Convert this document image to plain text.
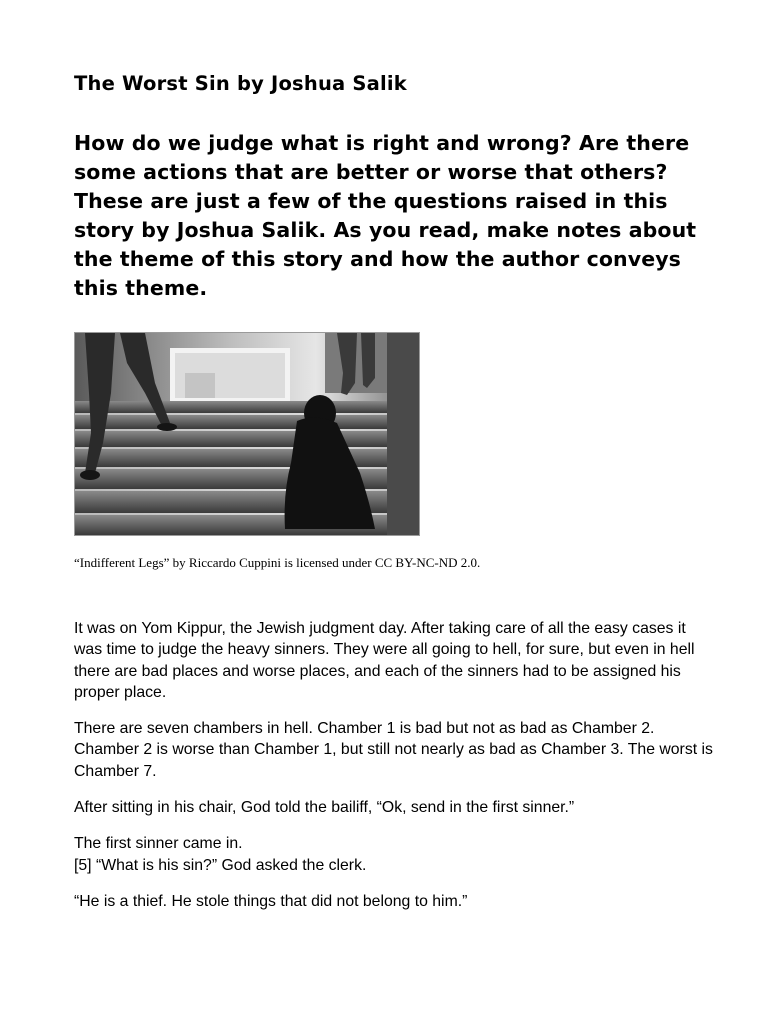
The Worst Sin by Joshua Salik
How do we judge what is right and wrong? Are there some actions that are better or worse that others? These are just a few of the questions raised in this story by Joshua Salik. As you read, make notes about the theme of this story and how the author conveys this theme.
“Indifferent Legs” by Riccardo Cuppini is licensed under CC BY-NC-ND 2.0.

It was on Yom Kippur, the Jewish judgment day. After taking care of all the easy cases it was time to judge the heavy sinners. They were all going to hell, for sure, but even in hell there are bad places and worse places, and each of the sinners had to be assigned his proper place.

There are seven chambers in hell. Chamber 1 is bad but not as bad as Chamber 2. Chamber 2 is worse than Chamber 1, but still not nearly as bad as Chamber 3. The worst is Chamber 7.

After sitting in his chair, God told the bailiff, “Ok, send in the first sinner.”

The first sinner came in.
[5] “What is his sin?” God asked the clerk.

“He is a thief. He stole things that did not belong to him.”
